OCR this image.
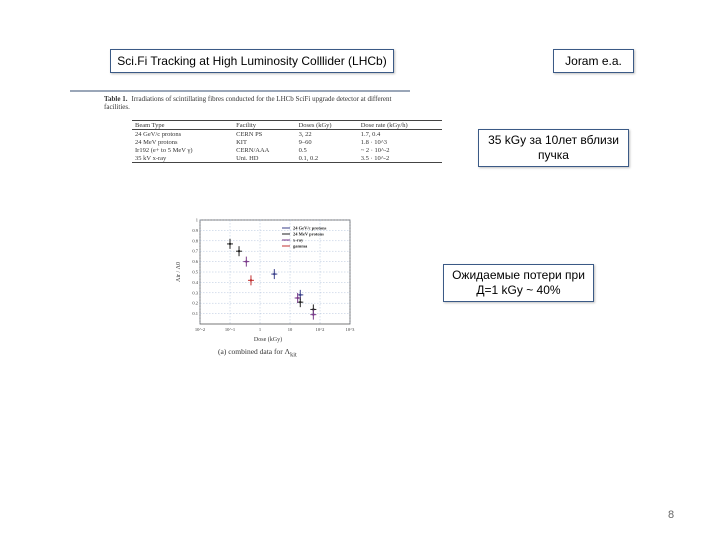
Sci.Fi Tracking at High Luminosity Colllider (LHCb)	Joram e.a.
Table 1. Irradiations of scintillating fibres conducted for the LHCb SciFi upgrade detector at different facilities.
Beam Type	Facility	Doses (kGy)	Dose rate (kGy/h)
24 GeV/c protons	CERN PS	3, 22	1.7, 0.4
24 MeV protons	KIT	9–60	1.8 · 10^3
Ir192 (e+ to 5 MeV γ)	CERN/AAA	0.5	~ 2 · 10^-2
35 kV x-ray	Uni. HD	0.1, 0.2	3.5 · 10^-2
35 kGy за 10лет вблизи пучка
Ожидаемые потери при Д=1 kGy ~ 40%
10^-2	10^-1	1	10	10^2	10^3
0.1
0.2
0.3
0.4
0.5
0.6
0.7
0.8
0.9
1
Dose (kGy)
Λir / Λ0
24 GeV/c protons
24 MeV protons
x-ray
gamma
(a) combined data for $\Lambda_{kit}$
8
